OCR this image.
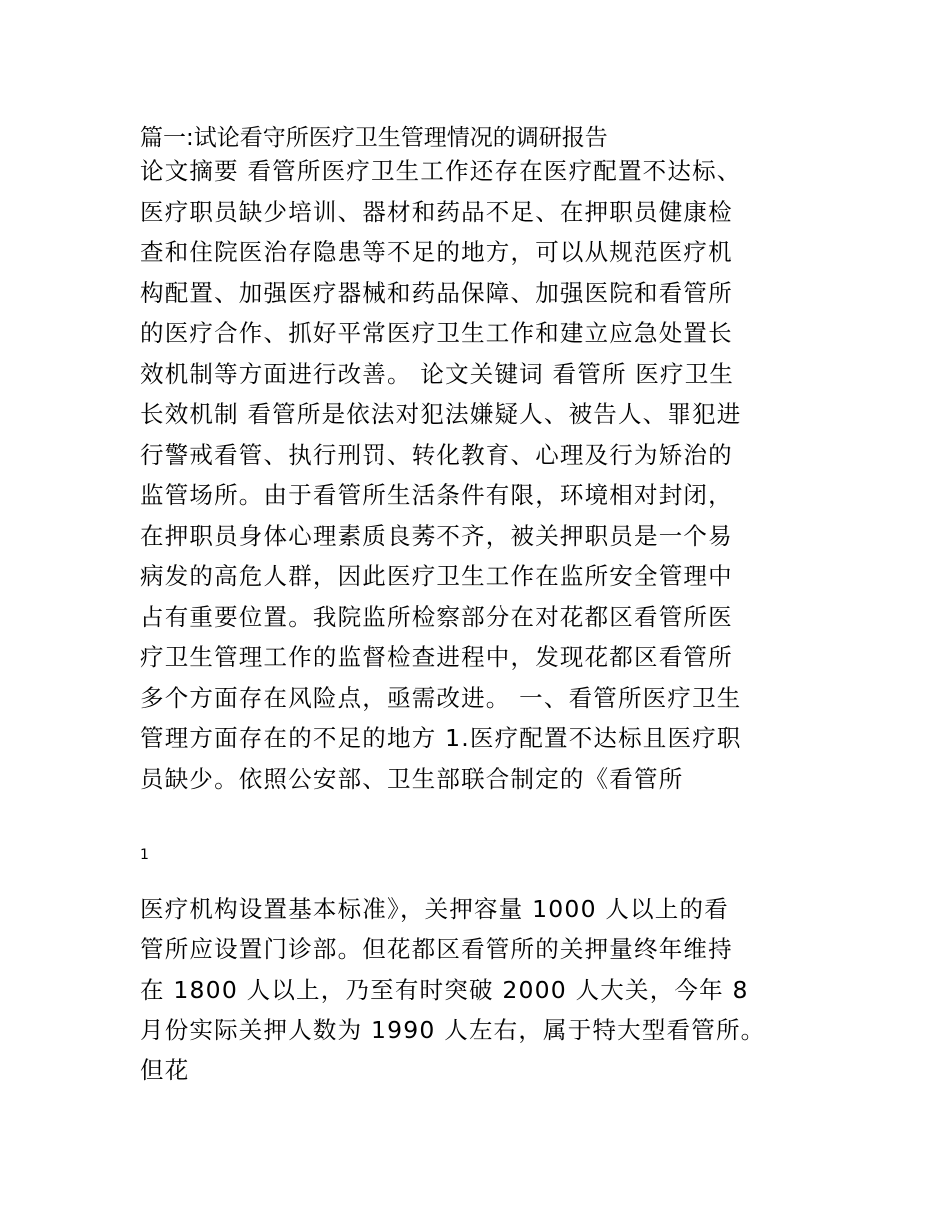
篇一:试论看守所医疗卫生管理情况的调研报告
论文摘要 看管所医疗卫生工作还存在医疗配置不达标、
医疗职员缺少培训、器材和药品不足、在押职员健康检
查和住院医治存隐患等不足的地方，可以从规范医疗机
构配置、加强医疗器械和药品保障、加强医院和看管所
的医疗合作、抓好平常医疗卫生工作和建立应急处置长
效机制等方面进行改善。 论文关键词 看管所 医疗卫生
长效机制 看管所是依法对犯法嫌疑人、被告人、罪犯进
行警戒看管、执行刑罚、转化教育、心理及行为矫治的
监管场所。由于看管所生活条件有限，环境相对封闭，
在押职员身体心理素质良莠不齐，被关押职员是一个易
病发的高危人群，因此医疗卫生工作在监所安全管理中
占有重要位置。我院监所检察部分在对花都区看管所医
疗卫生管理工作的监督检查进程中，发现花都区看管所
多个方面存在风险点，亟需改进。 一、看管所医疗卫生
管理方面存在的不足的地方 1.医疗配置不达标且医疗职
员缺少。依照公安部、卫生部联合制定的《看管所
1
医疗机构设置基本标准》，关押容量 1000 人以上的看
管所应设置门诊部。但花都区看管所的关押量终年维持
在 1800 人以上，乃至有时突破 2000 人大关，今年 8
月份实际关押人数为 1990 人左右，属于特大型看管所。
但花
